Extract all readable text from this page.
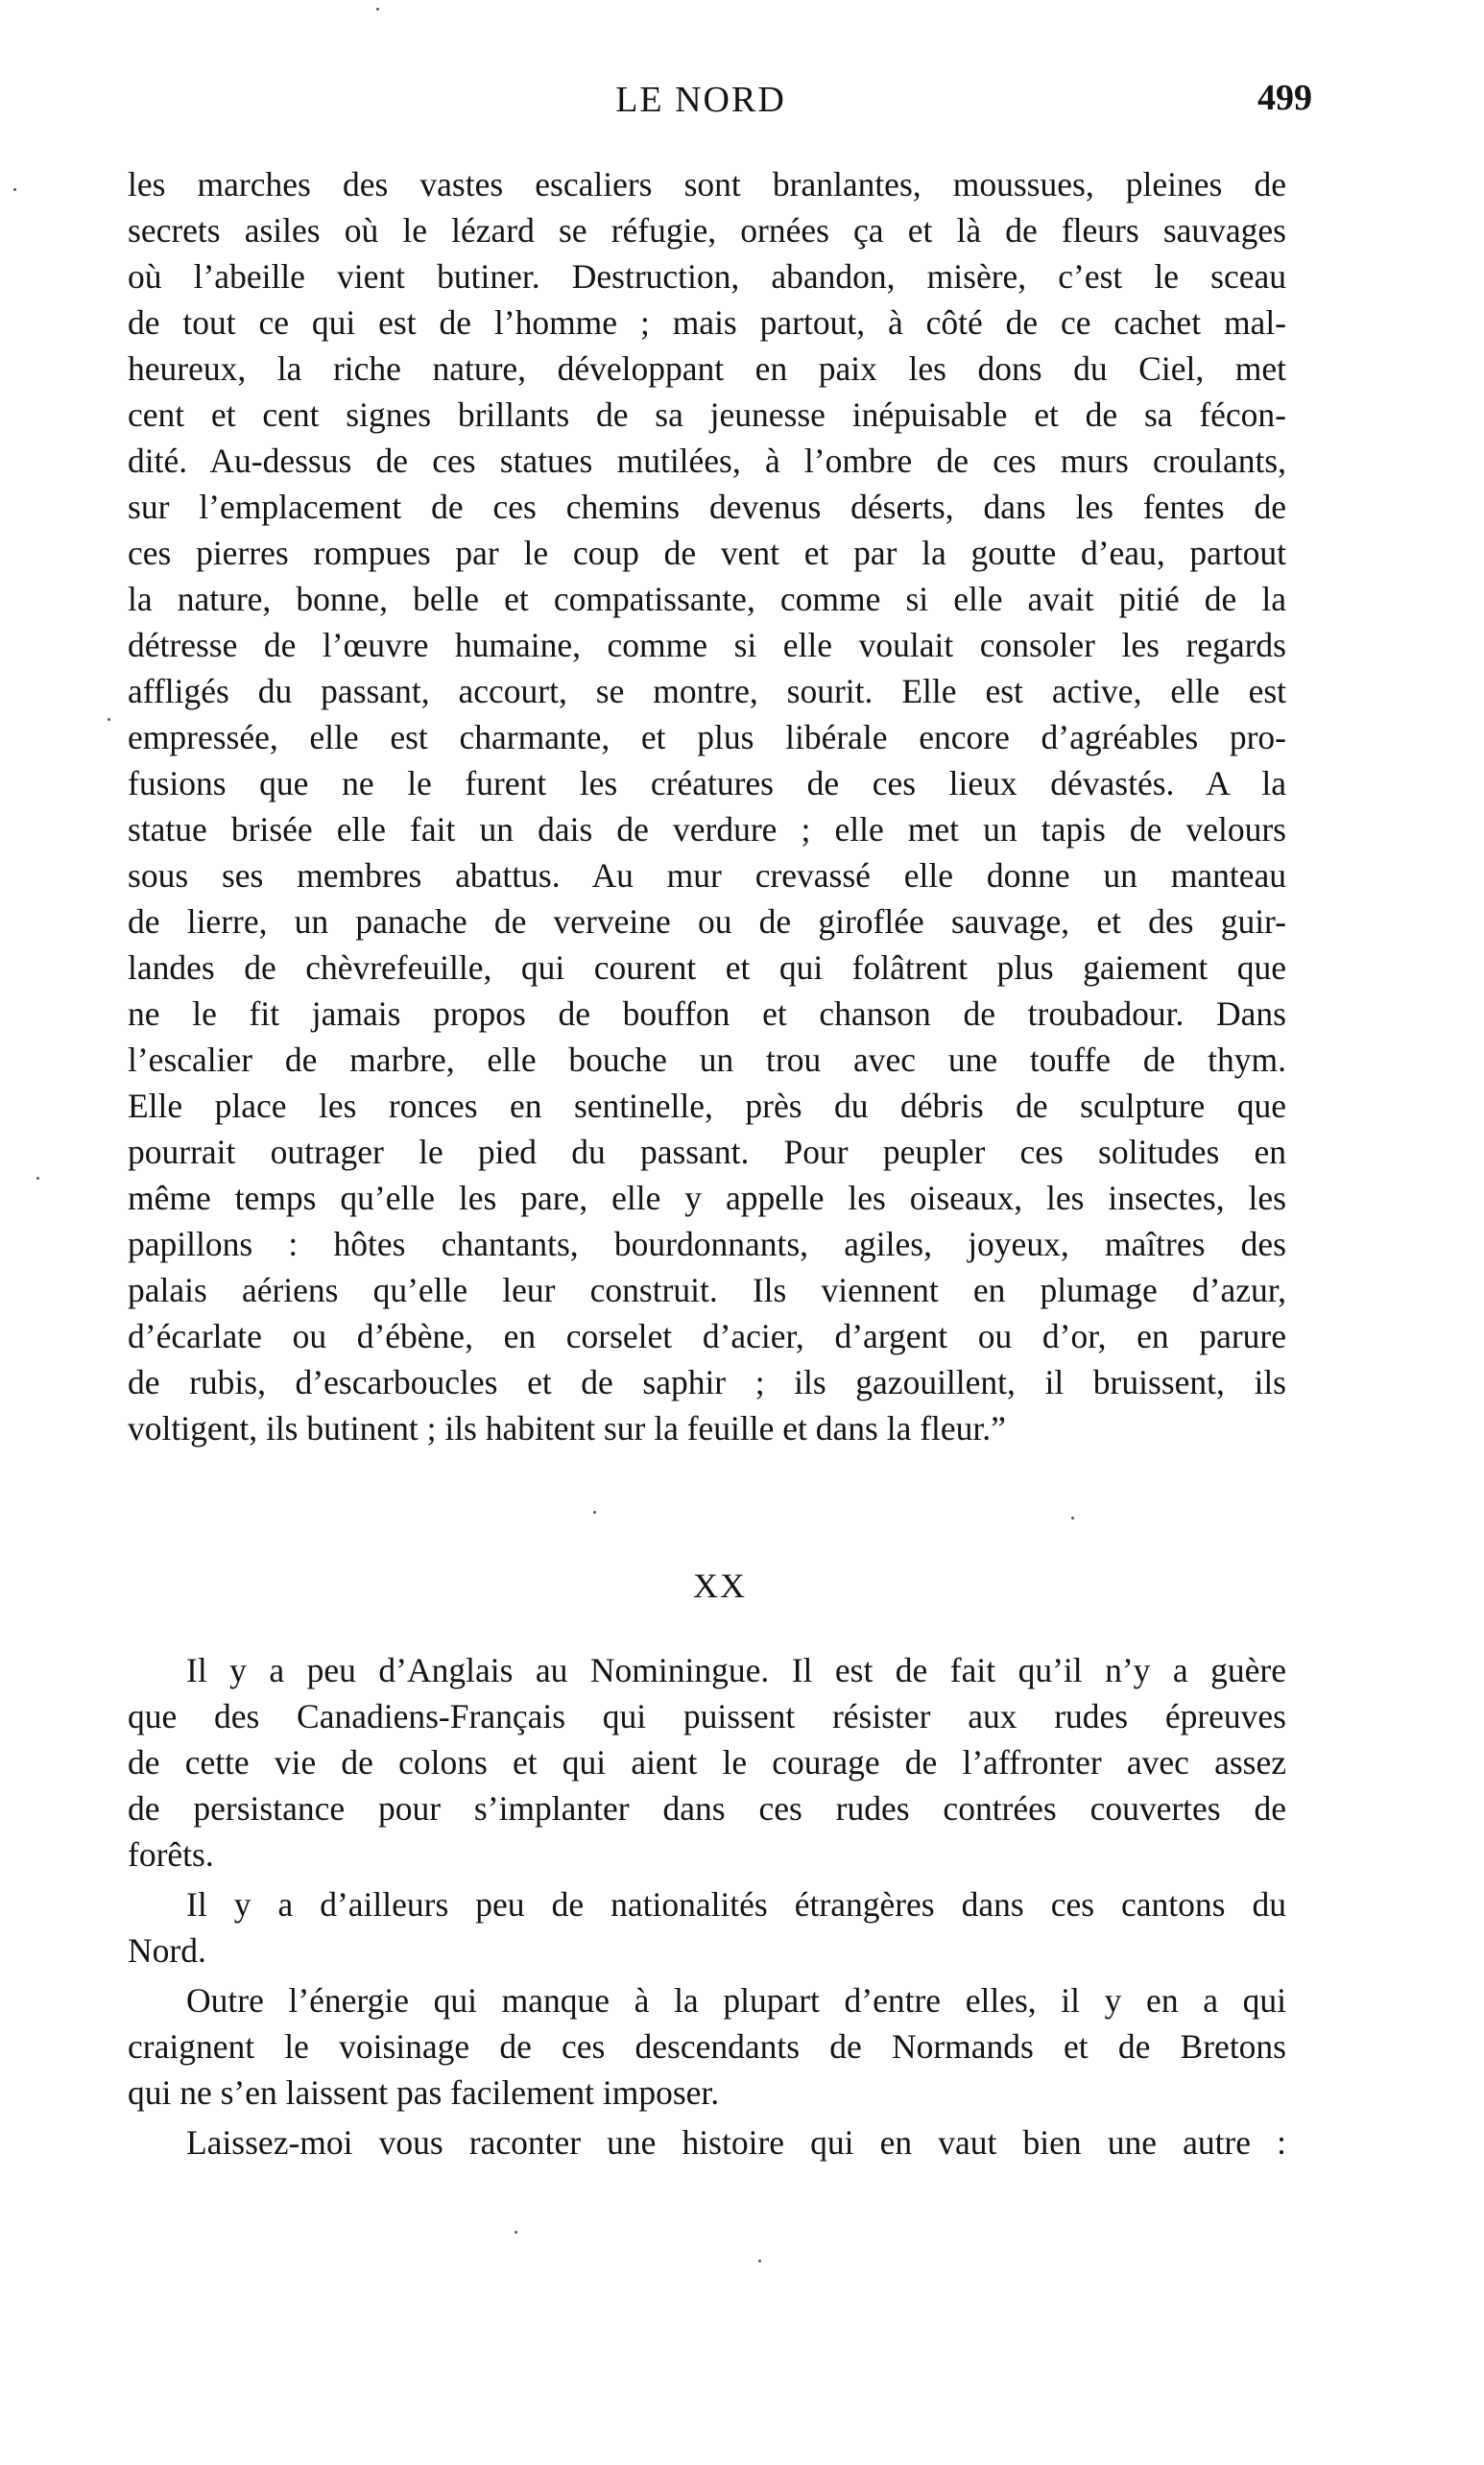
LE NORD	499
les marches des vastes escaliers sont branlantes, moussues, pleines de
secrets asiles où le lézard se réfugie, ornées ça et là de fleurs sauvages
où l’abeille vient butiner. Destruction, abandon, misère, c’est le sceau
de tout ce qui est de l’homme ; mais partout, à côté de ce cachet mal-
heureux, la riche nature, développant en paix les dons du Ciel, met
cent et cent signes brillants de sa jeunesse inépuisable et de sa fécon-
dité. Au-dessus de ces statues mutilées, à l’ombre de ces murs croulants,
sur l’emplacement de ces chemins devenus déserts, dans les fentes de
ces pierres rompues par le coup de vent et par la goutte d’eau, partout
la nature, bonne, belle et compatissante, comme si elle avait pitié de la
détresse de l’œuvre humaine, comme si elle voulait consoler les regards
affligés du passant, accourt, se montre, sourit. Elle est active, elle est
empressée, elle est charmante, et plus libérale encore d’agréables pro-
fusions que ne le furent les créatures de ces lieux dévastés. A la
statue brisée elle fait un dais de verdure ; elle met un tapis de velours
sous ses membres abattus. Au mur crevassé elle donne un manteau
de lierre, un panache de verveine ou de giroflée sauvage, et des guir-
landes de chèvrefeuille, qui courent et qui folâtrent plus gaiement que
ne le fit jamais propos de bouffon et chanson de troubadour. Dans
l’escalier de marbre, elle bouche un trou avec une touffe de thym.
Elle place les ronces en sentinelle, près du débris de sculpture que
pourrait outrager le pied du passant. Pour peupler ces solitudes en
même temps qu’elle les pare, elle y appelle les oiseaux, les insectes, les
papillons : hôtes chantants, bourdonnants, agiles, joyeux, maîtres des
palais aériens qu’elle leur construit. Ils viennent en plumage d’azur,
d’écarlate ou d’ébène, en corselet d’acier, d’argent ou d’or, en parure
de rubis, d’escarboucles et de saphir ; ils gazouillent, il bruissent, ils
voltigent, ils butinent ; ils habitent sur la feuille et dans la fleur.”
XX
Il y a peu d’Anglais au Nominingue. Il est de fait qu’il n’y a guère
que des Canadiens-Français qui puissent résister aux rudes épreuves
de cette vie de colons et qui aient le courage de l’affronter avec assez
de persistance pour s’implanter dans ces rudes contrées couvertes de
forêts.
Il y a d’ailleurs peu de nationalités étrangères dans ces cantons du
Nord.
Outre l’énergie qui manque à la plupart d’entre elles, il y en a qui
craignent le voisinage de ces descendants de Normands et de Bretons
qui ne s’en laissent pas facilement imposer.
Laissez-moi vous raconter une histoire qui en vaut bien une autre :
